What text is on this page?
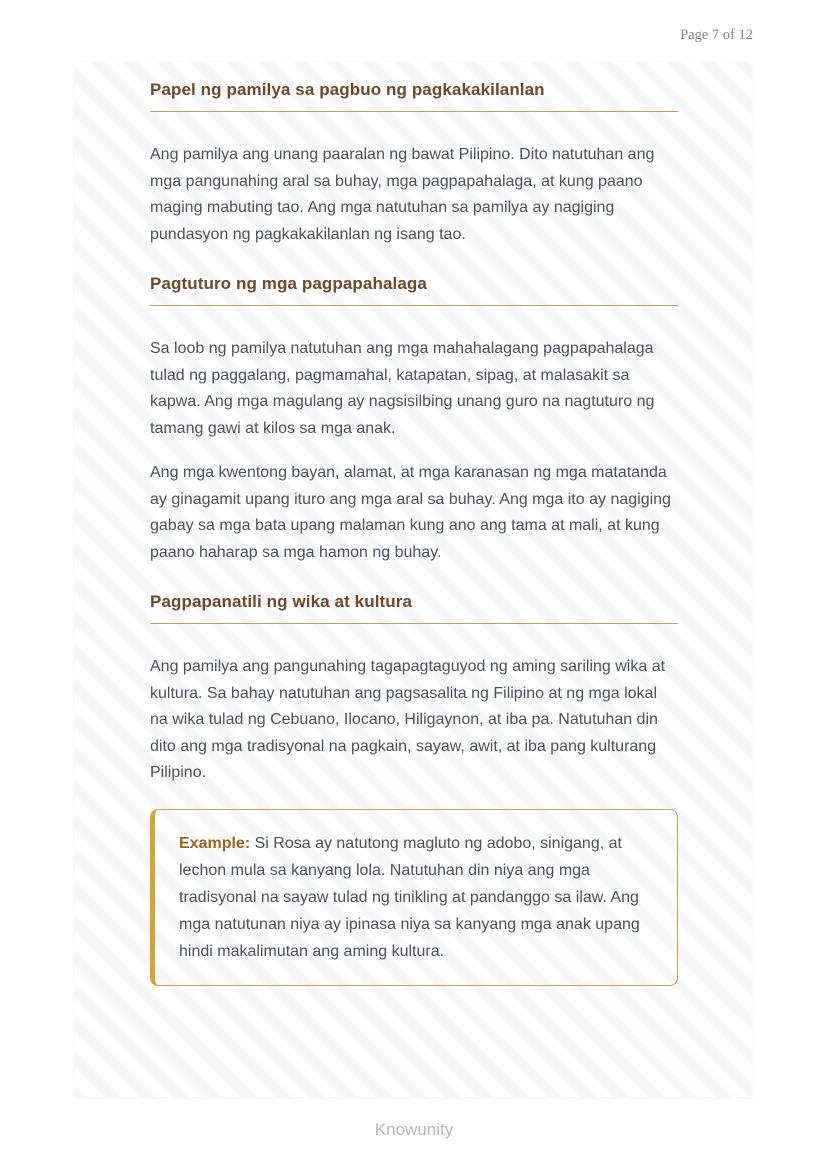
Page 7 of 12
Papel ng pamilya sa pagbuo ng pagkakakilanlan

Ang pamilya ang unang paaralan ng bawat Pilipino. Dito natutuhan ang mga pangunahing aral sa buhay, mga pagpapahalaga, at kung paano maging mabuting tao. Ang mga natutuhan sa pamilya ay nagiging pundasyon ng pagkakakilanlan ng isang tao.

Pagtuturo ng mga pagpapahalaga

Sa loob ng pamilya natutuhan ang mga mahahalagang pagpapahalaga tulad ng paggalang, pagmamahal, katapatan, sipag, at malasakit sa kapwa. Ang mga magulang ay nagsisilbing unang guro na nagtuturo ng tamang gawi at kilos sa mga anak.

Ang mga kwentong bayan, alamat, at mga karanasan ng mga matatanda ay ginagamit upang ituro ang mga aral sa buhay. Ang mga ito ay nagiging gabay sa mga bata upang malaman kung ano ang tama at mali, at kung paano haharap sa mga hamon ng buhay.

Pagpapanatili ng wika at kultura

Ang pamilya ang pangunahing tagapagtaguyod ng aming sariling wika at kultura. Sa bahay natutuhan ang pagsasalita ng Filipino at ng mga lokal na wika tulad ng Cebuano, Ilocano, Hiligaynon, at iba pa. Natutuhan din dito ang mga tradisyonal na pagkain, sayaw, awit, at iba pang kulturang Pilipino.

Example: Si Rosa ay natutong magluto ng adobo, sinigang, at lechon mula sa kanyang lola. Natutuhan din niya ang mga tradisyonal na sayaw tulad ng tinikling at pandanggo sa ilaw. Ang mga natutunan niya ay ipinasa niya sa kanyang mga anak upang hindi makalimutan ang aming kultura.

Knowunity
